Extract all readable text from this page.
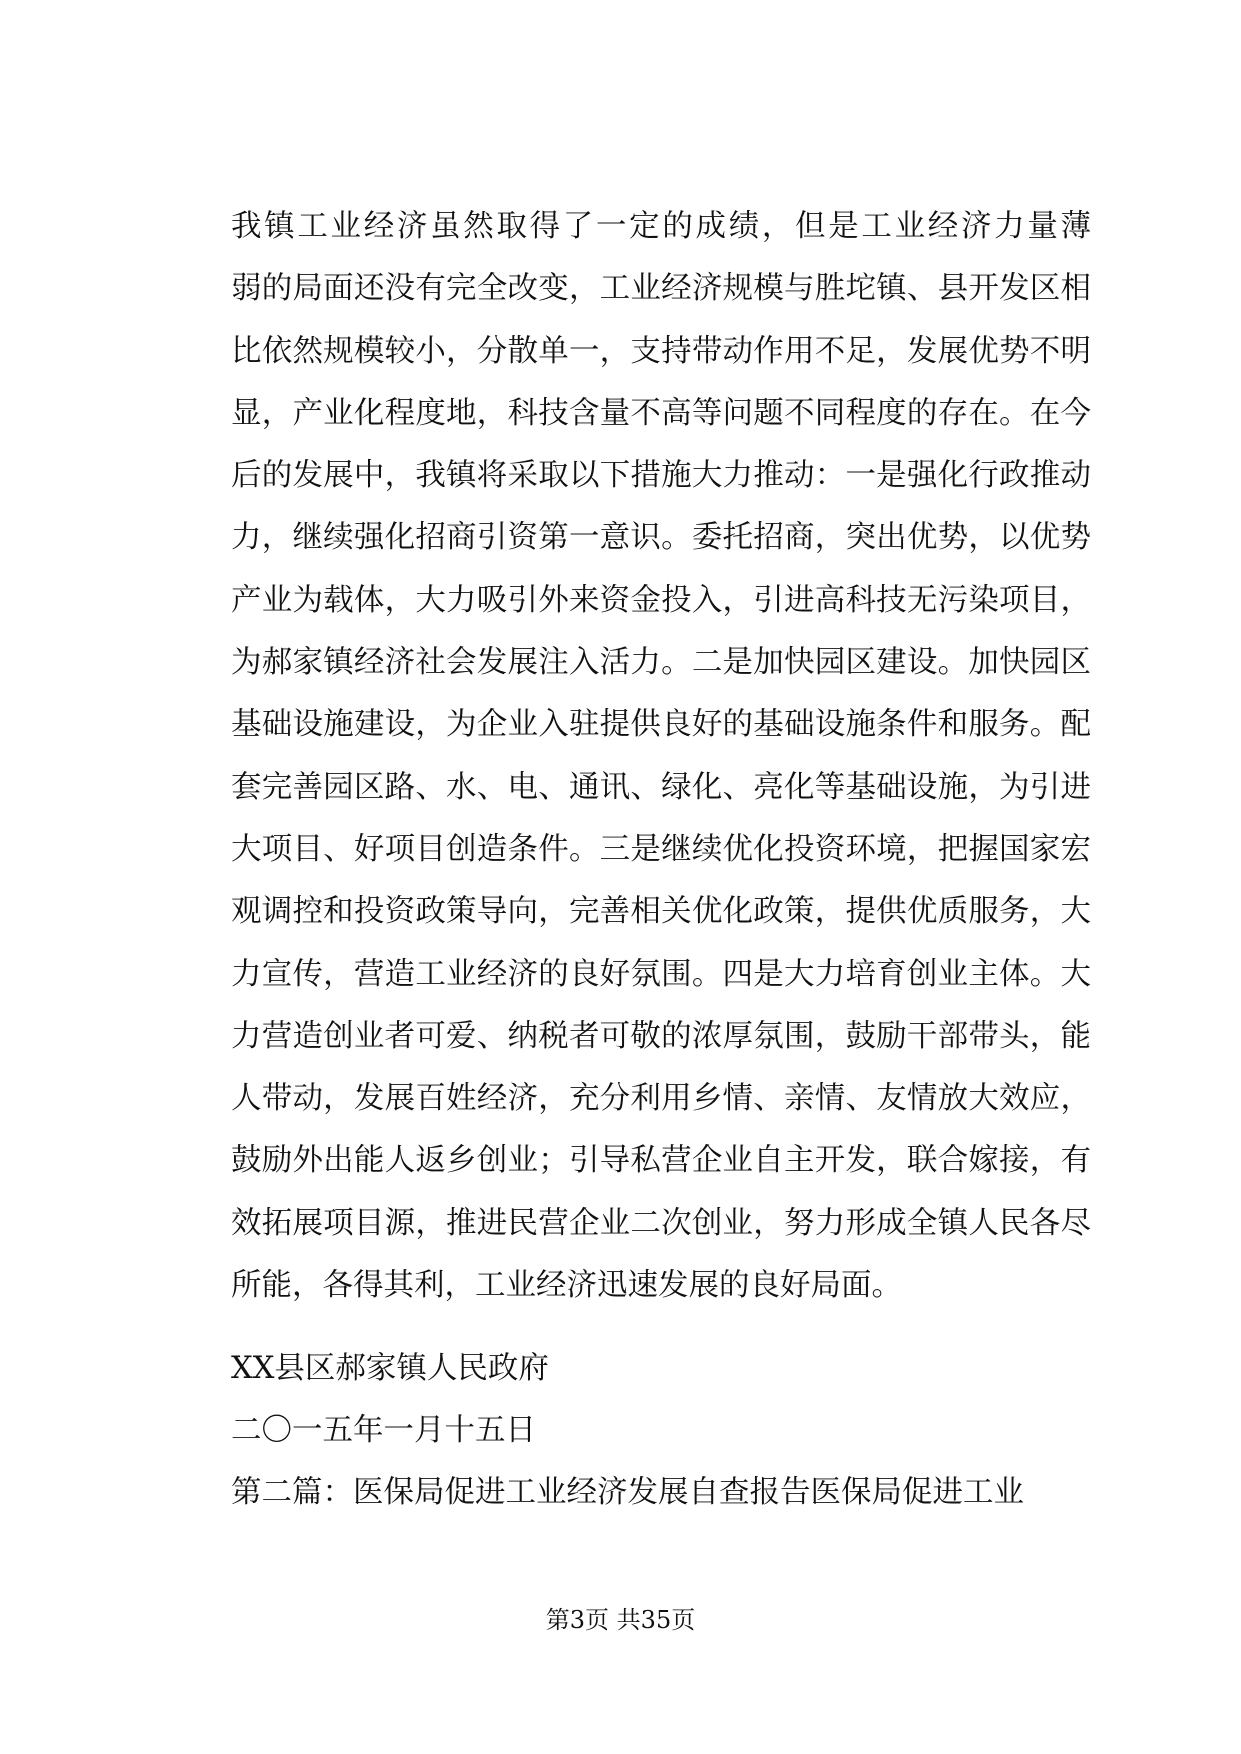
我镇工业经济虽然取得了一定的成绩，但是工业经济力量薄
弱的局面还没有完全改变，工业经济规模与胜坨镇、县开发区相
比依然规模较小，分散单一，支持带动作用不足，发展优势不明
显，产业化程度地，科技含量不高等问题不同程度的存在。在今
后的发展中，我镇将采取以下措施大力推动：一是强化行政推动
力，继续强化招商引资第一意识。委托招商，突出优势，以优势
产业为载体，大力吸引外来资金投入，引进高科技无污染项目，
为郝家镇经济社会发展注入活力。二是加快园区建设。加快园区
基础设施建设，为企业入驻提供良好的基础设施条件和服务。配
套完善园区路、水、电、通讯、绿化、亮化等基础设施，为引进
大项目、好项目创造条件。三是继续优化投资环境，把握国家宏
观调控和投资政策导向，完善相关优化政策，提供优质服务，大
力宣传，营造工业经济的良好氛围。四是大力培育创业主体。大
力营造创业者可爱、纳税者可敬的浓厚氛围，鼓励干部带头，能
人带动，发展百姓经济，充分利用乡情、亲情、友情放大效应，
鼓励外出能人返乡创业；引导私营企业自主开发，联合嫁接，有
效拓展项目源，推进民营企业二次创业，努力形成全镇人民各尽
所能，各得其利，工业经济迅速发展的良好局面。

XX县区郝家镇人民政府

二〇一五年一月十五日

第二篇：医保局促进工业经济发展自查报告医保局促进工业

第3页 共35页
